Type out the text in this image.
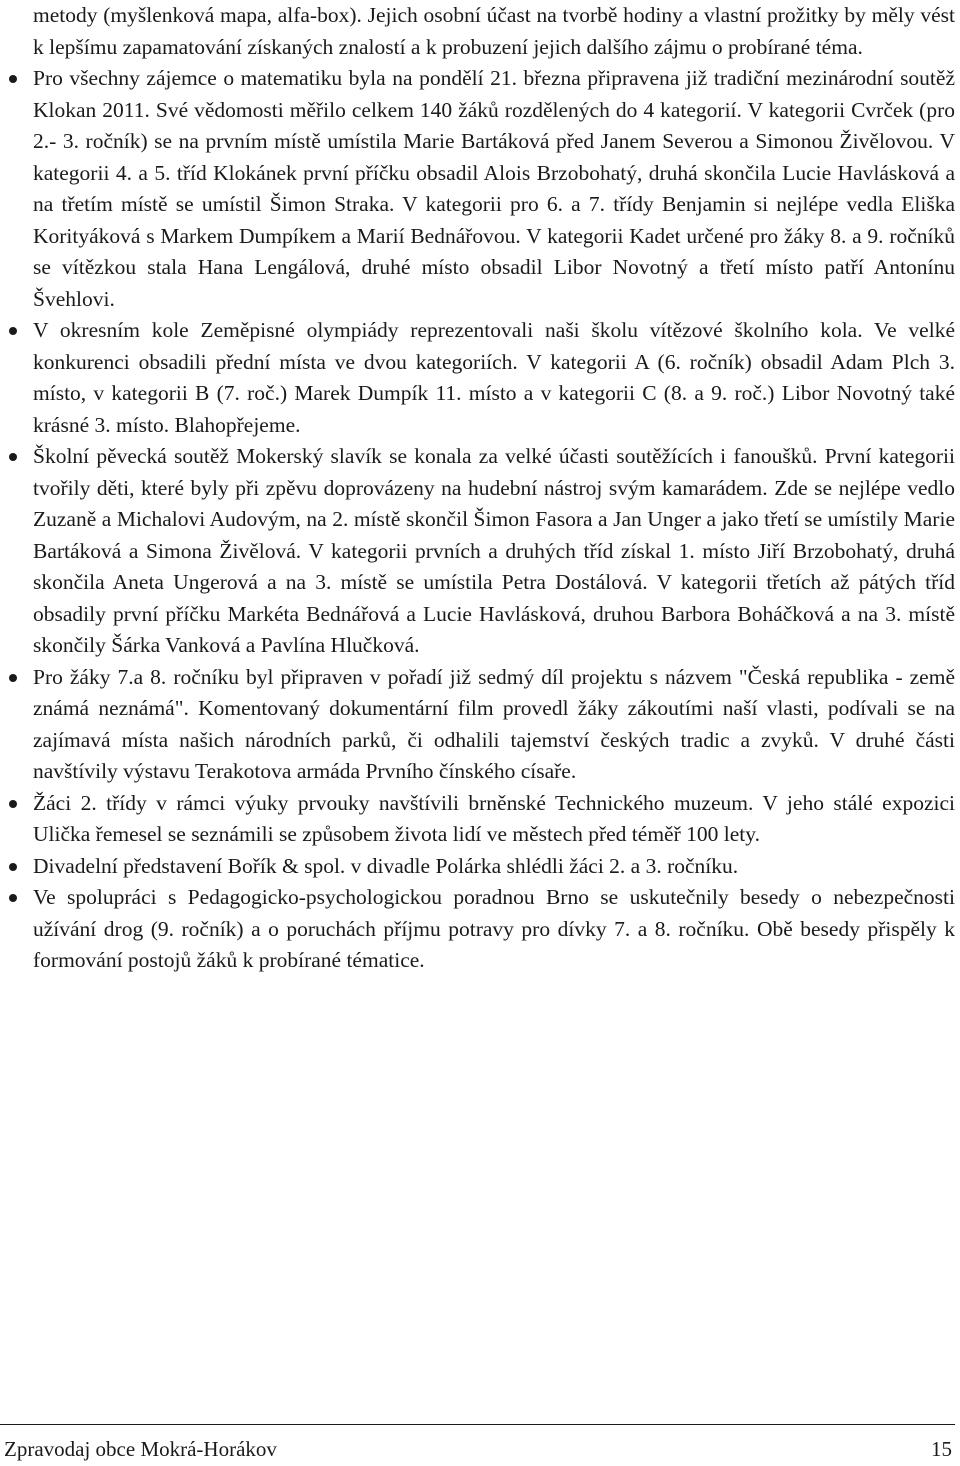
metody (myšlenková mapa, alfa-box). Jejich osobní účast na tvorbě hodiny a vlastní prožitky by měly vést k lepšímu zapamatování získaných znalostí a k probuzení jejich dalšího zájmu o probírané téma.

Pro všechny zájemce o matematiku byla na pondělí 21. března připravena již tradiční mezinárodní soutěž Klokan 2011. Své vědomosti měřilo celkem 140 žáků rozdělených do 4 kategorií. V kategorii Cvrček (pro 2.- 3. ročník) se na prvním místě umístila Marie Bartáková před Janem Severou a Simonou Živělovou. V kategorii 4. a 5. tříd Klokánek první příčku obsadil Alois Brzobohatý, druhá skončila Lucie Havlásková a na třetím místě se umístil Šimon Straka. V kategorii pro 6. a 7. třídy Benjamin si nejlépe vedla Eliška Korityáková s Markem Dumpíkem a Marií Bednářovou. V kategorii Kadet určené pro žáky 8. a 9. ročníků se vítězkou stala Hana Lengálová, druhé místo obsadil Libor Novotný a třetí místo patří Antonínu Švehlovi.
V okresním kole Zeměpisné olympiády reprezentovali naši školu vítězové školního kola. Ve velké konkurenci obsadili přední místa ve dvou kategoriích. V kategorii A (6. ročník) obsadil Adam Plch 3. místo, v kategorii B (7. roč.) Marek Dumpík 11. místo a v kategorii C (8. a 9. roč.) Libor Novotný také krásné 3. místo. Blahopřejeme.
Školní pěvecká soutěž Mokerský slavík se konala za velké účasti soutěžících i fanoušků. První kategorii tvořily děti, které byly při zpěvu doprovázeny na hudební nástroj svým kamarádem. Zde se nejlépe vedlo Zuzaně a Michalovi Audovým, na 2. místě skončil Šimon Fasora a Jan Unger a jako třetí se umístily Marie Bartáková a Simona Živělová. V kategorii prvních a druhých tříd získal 1. místo Jiří Brzobohatý, druhá skončila Aneta Ungerová a na 3. místě se umístila Petra Dostálová. V kategorii třetích až pátých tříd obsadily první příčku Markéta Bednářová a Lucie Havlásková, druhou Barbora Boháčková a na 3. místě skončily Šárka Vanková a Pavlína Hlučková.
Pro žáky 7.a 8. ročníku byl připraven v pořadí již sedmý díl projektu s názvem "Česká republika - země známá neznámá". Komentovaný dokumentární film provedl žáky zákoutími naší vlasti, podívali se na zajímavá místa našich národních parků, či odhalili tajemství českých tradic a zvyků. V druhé části navštívily výstavu Terakotova armáda Prvního čínského císaře.
Žáci 2. třídy v rámci výuky prvouky navštívili brněnské Technického muzeum. V jeho stálé expozici Ulička řemesel se seznámili se způsobem života lidí ve městech před téměř 100 lety.
Divadelní představení Bořík & spol. v divadle Polárka shlédli žáci 2. a 3. ročníku.
Ve spolupráci s Pedagogicko-psychologickou poradnou Brno se uskutečnily besedy o nebezpečnosti užívání drog (9. ročník) a o poruchách příjmu potravy pro dívky 7. a 8. ročníku. Obě besedy přispěly k formování postojů žáků k probírané tématice.
Zpravodaj obce Mokrá-Horákov	15
